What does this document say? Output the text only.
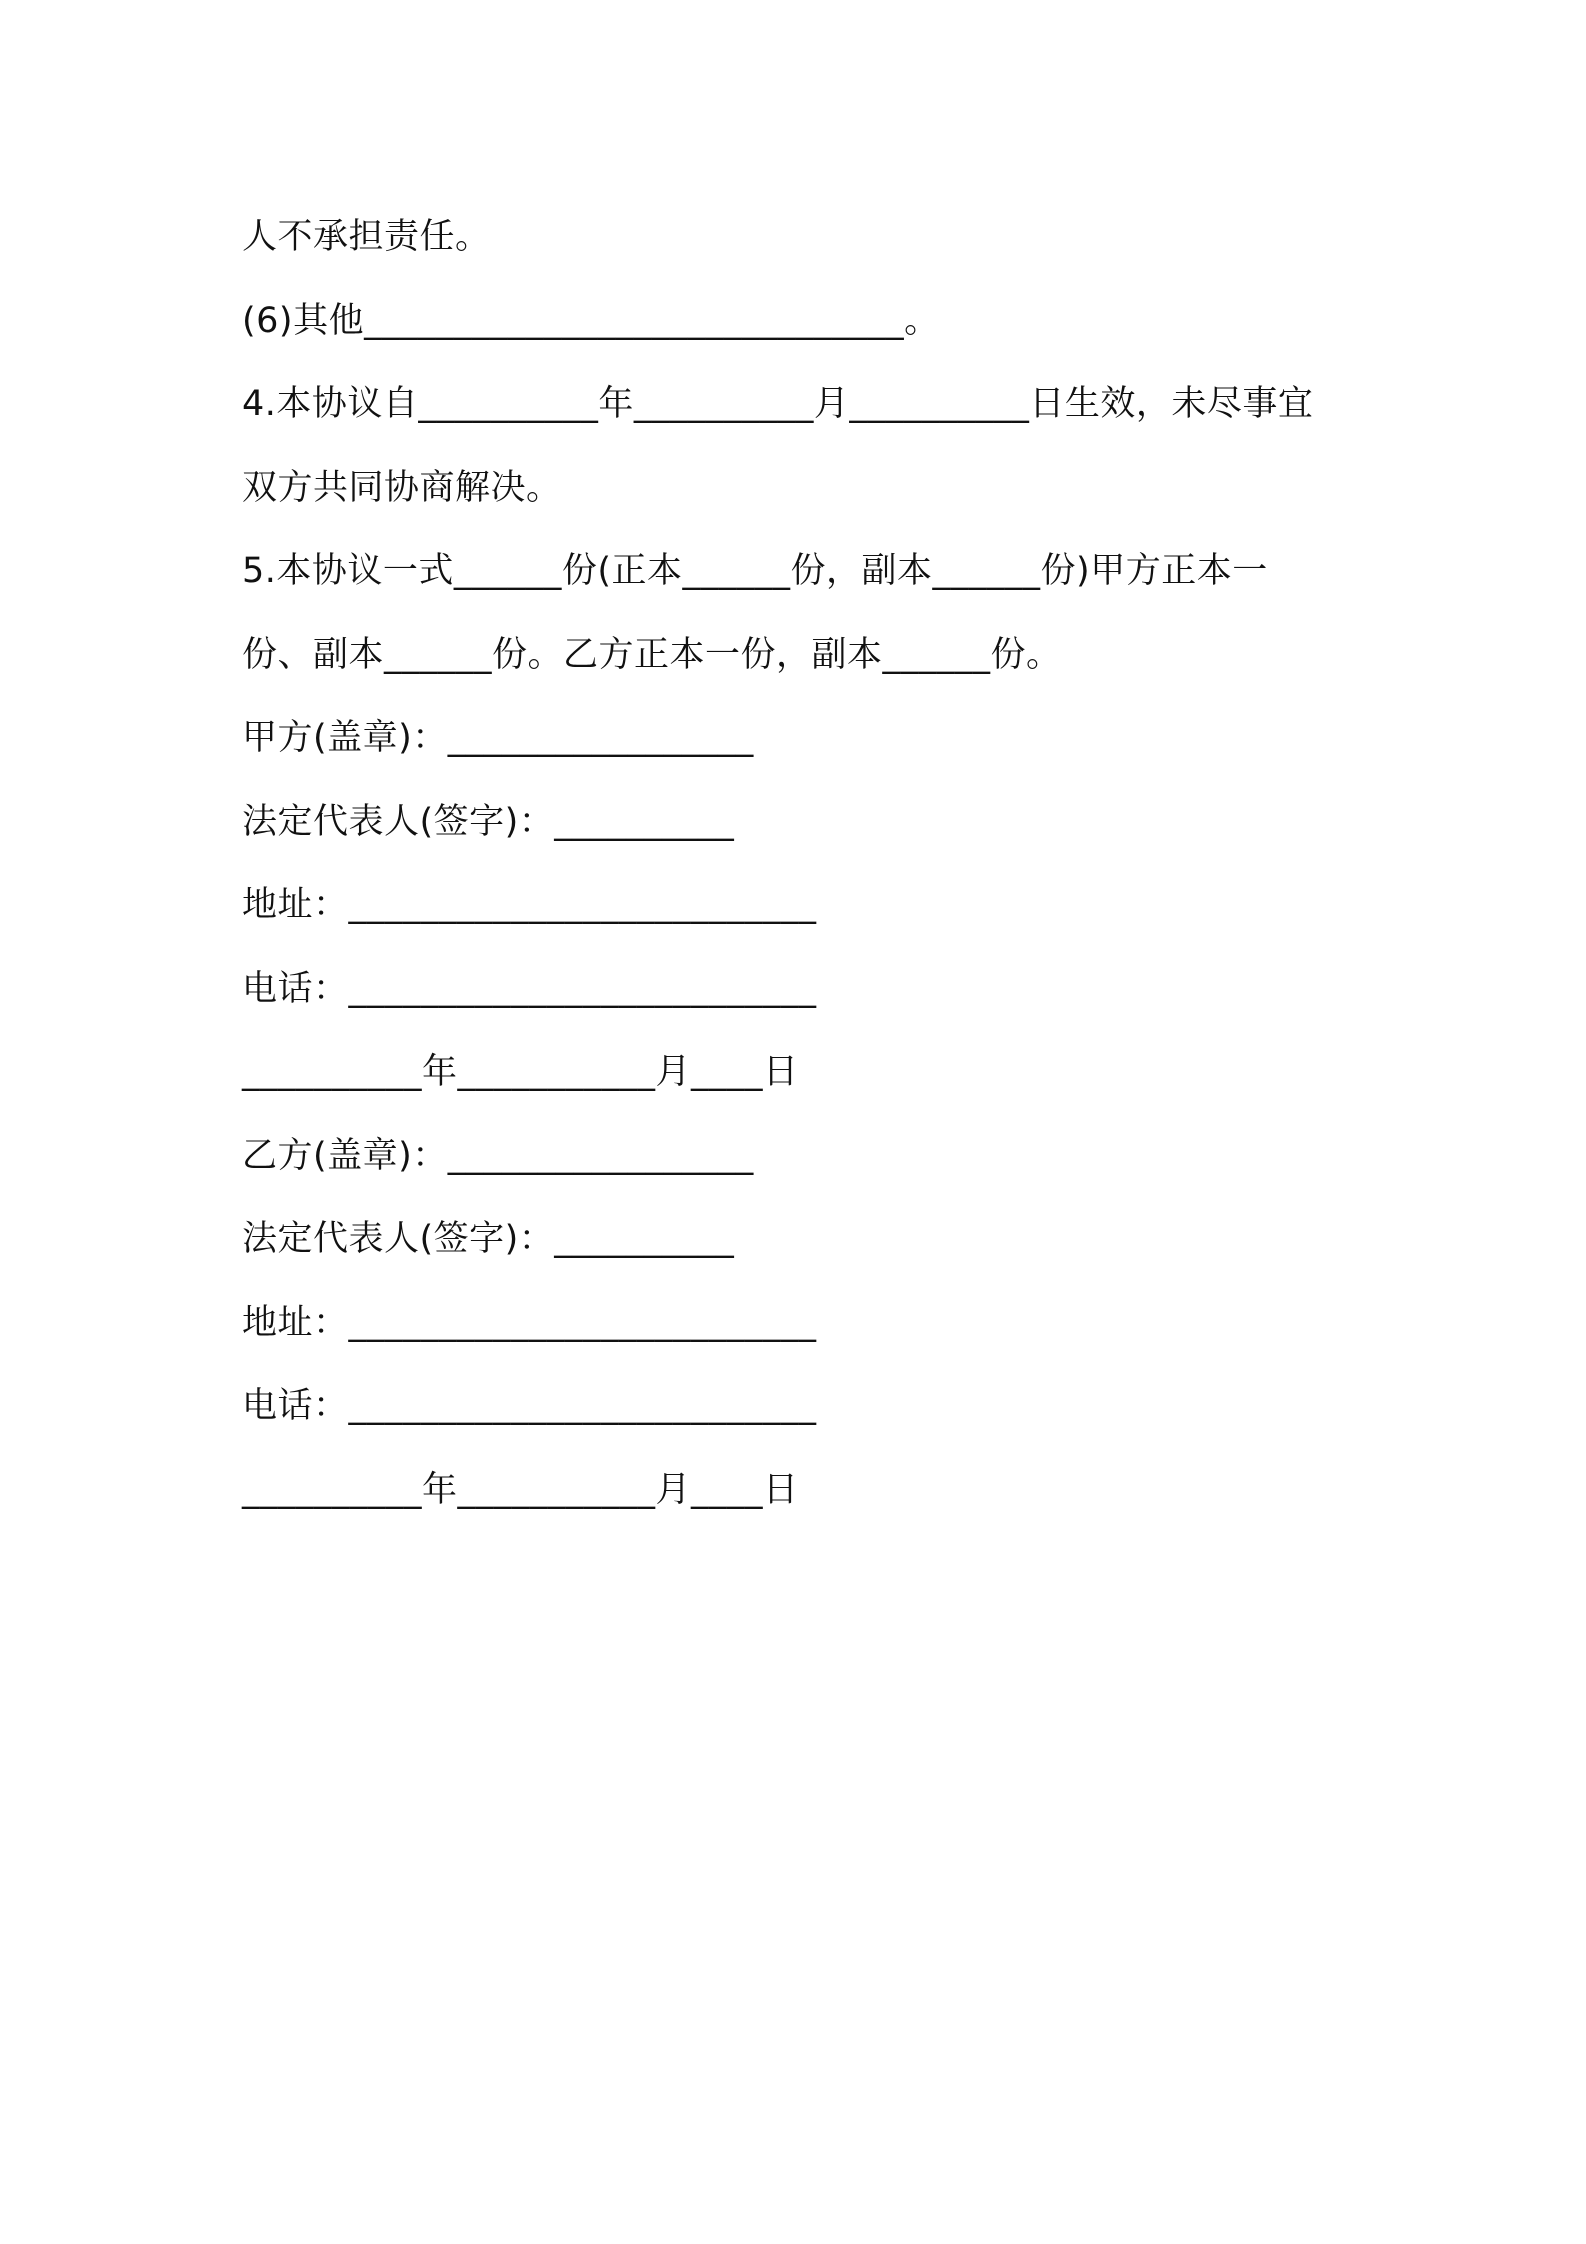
人不承担责任。
(6)其他______________________________。
4.本协议自__________年__________月__________日生效，未尽事宜
双方共同协商解决。
5.本协议一式______份(正本______份，副本______份)甲方正本一
份、副本______份。乙方正本一份，副本______份。
甲方(盖章)：_________________
法定代表人(签字)：__________
地址：__________________________
电话：__________________________
__________年___________月____日
乙方(盖章)：_________________
法定代表人(签字)：__________
地址：__________________________
电话：__________________________
__________年___________月____日
